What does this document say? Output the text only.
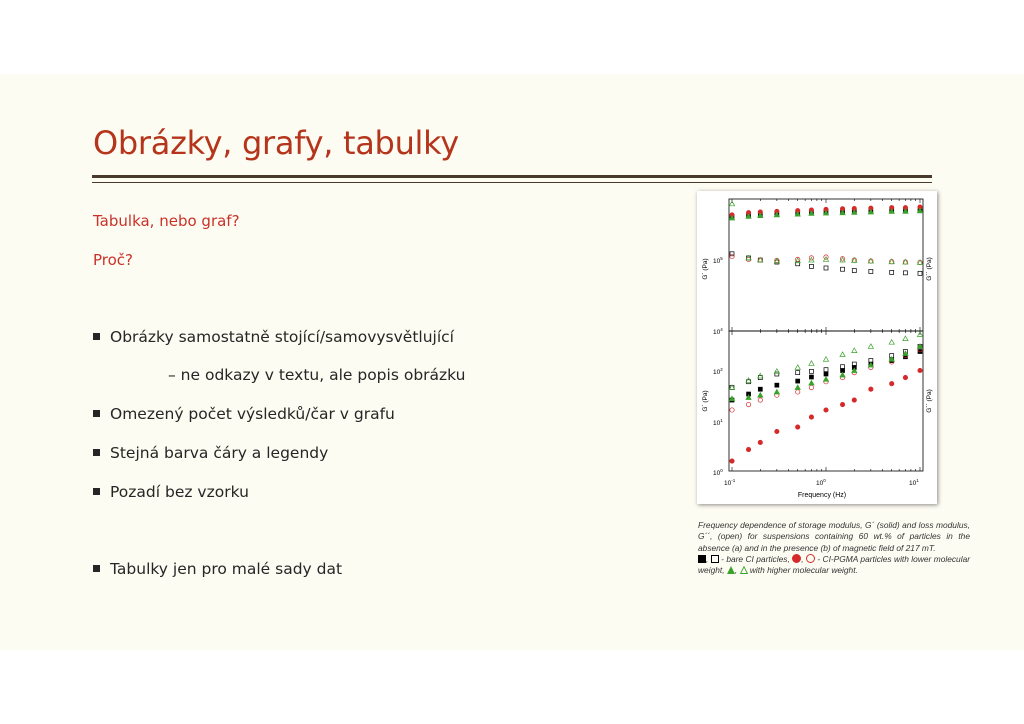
Obrázky, grafy, tabulky
Tabulka, nebo graf?
Proč?
Obrázky samostatně stojící/samovysvětlující
– ne odkazy v textu, ale popis obrázku
Omezený počet výsledků/čar v grafu
Stejná barva čáry a legendy
Pozadí bez vzorku
Tabulky jen pro malé sady dat
$10^5$
$10^4$
$10^2$
$10^1$
$10^0$
$10^{-1}$	$10^0$	$10^1$
Frequency (Hz)
G´ (Pa)	G´´ (Pa)
G´ (Pa)	G´´ (Pa)

Frequency dependence of storage modulus, G´ (solid) and loss modulus, G´´, (open) for suspensions containing 60 wt.% of particles in the absence (a) and in the presence (b) of magnetic field of 217 mT.

,  - bare CI particles, ,  - CI-PGMA particles with lower molecular weight, ,  with higher molecular weight.
